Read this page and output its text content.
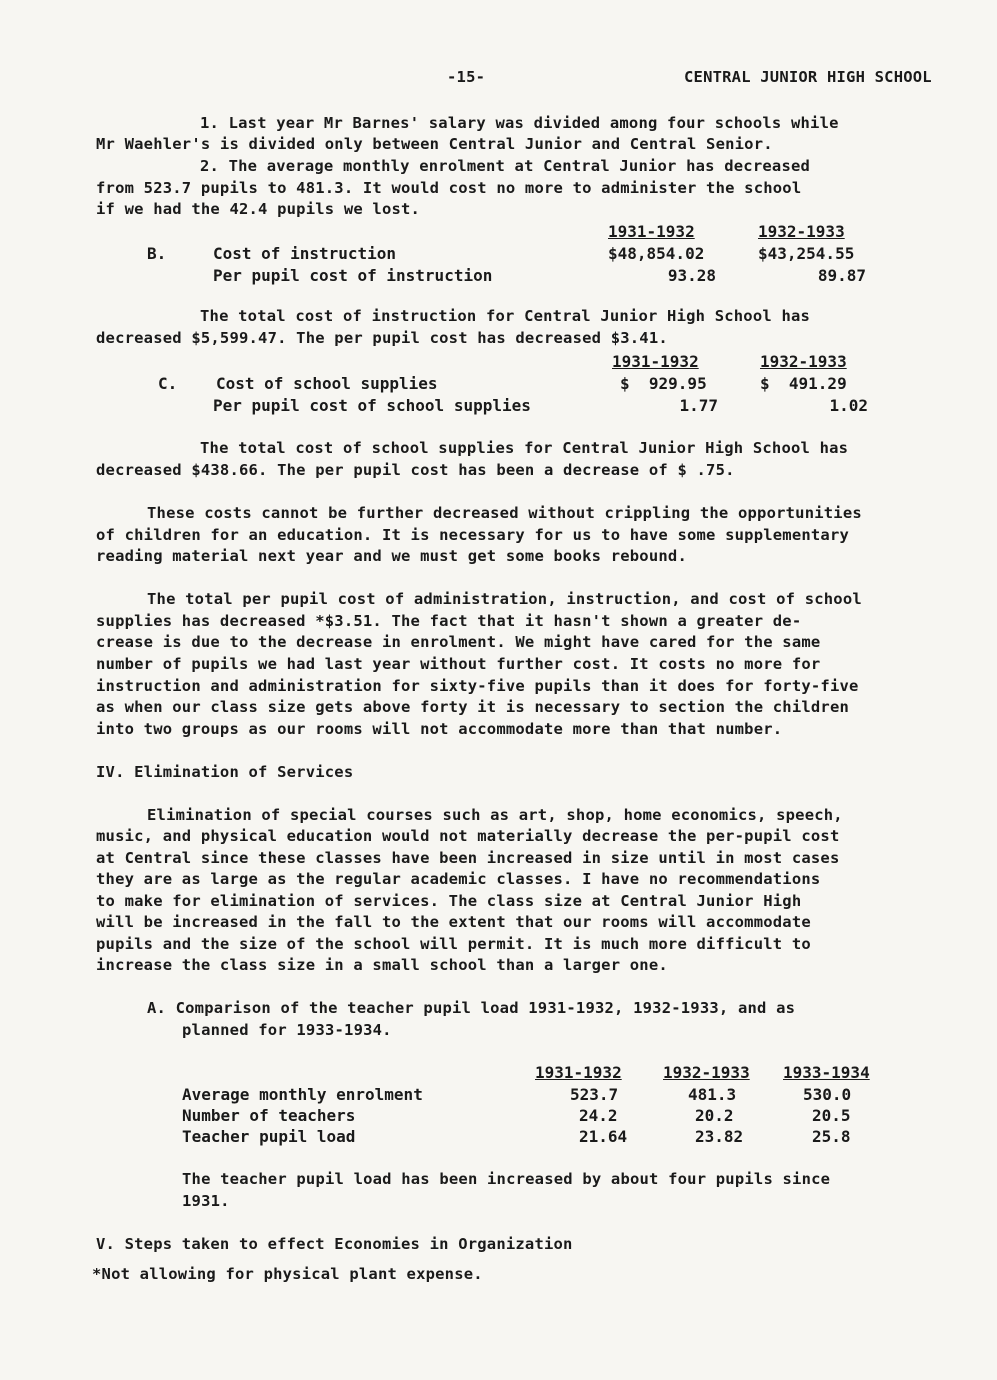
-15-	CENTRAL JUNIOR HIGH SCHOOL
1. Last year Mr Barnes' salary was divided among four schools while
Mr Waehler's is divided only between Central Junior and Central Senior.
2. The average monthly enrolment at Central Junior has decreased
from 523.7 pupils to 481.3. It would cost no more to administer the school
if we had the 42.4 pupils we lost.
1931-1932	1932-1933
B.	Cost of instruction	$48,854.02	$43,254.55
Per pupil cost of instruction	93.28	89.87
The total cost of instruction for Central Junior High School has
decreased $5,599.47. The per pupil cost has decreased $3.41.
1931-1932	1932-1933
C. Cost of school supplies	$  929.95	$  491.29
Per pupil cost of school supplies	1.77	1.02
The total cost of school supplies for Central Junior High School has
decreased $438.66. The per pupil cost has been a decrease of $ .75.
These costs cannot be further decreased without crippling the opportunities
of children for an education. It is necessary for us to have some supplementary
reading material next year and we must get some books rebound.
The total per pupil cost of administration, instruction, and cost of school
supplies has decreased *$3.51. The fact that it hasn't shown a greater de-
crease is due to the decrease in enrolment. We might have cared for the same
number of pupils we had last year without further cost. It costs no more for
instruction and administration for sixty-five pupils than it does for forty-five
as when our class size gets above forty it is necessary to section the children
into two groups as our rooms will not accommodate more than that number.
IV. Elimination of Services
Elimination of special courses such as art, shop, home economics, speech,
music, and physical education would not materially decrease the per-pupil cost
at Central since these classes have been increased in size until in most cases
they are as large as the regular academic classes. I have no recommendations
to make for elimination of services. The class size at Central Junior High
will be increased in the fall to the extent that our rooms will accommodate
pupils and the size of the school will permit. It is much more difficult to
increase the class size in a small school than a larger one.
A. Comparison of the teacher pupil load 1931-1932, 1932-1933, and as
planned for 1933-1934.
1931-1932	1932-1933 1933-1934
Average monthly enrolment	523.7	481.3	530.0
Number of teachers	24.2	20.2	20.5
Teacher pupil load	21.64	23.82	25.8
The teacher pupil load has been increased by about four pupils since
1931.
V. Steps taken to effect Economies in Organization
*Not allowing for physical plant expense.
